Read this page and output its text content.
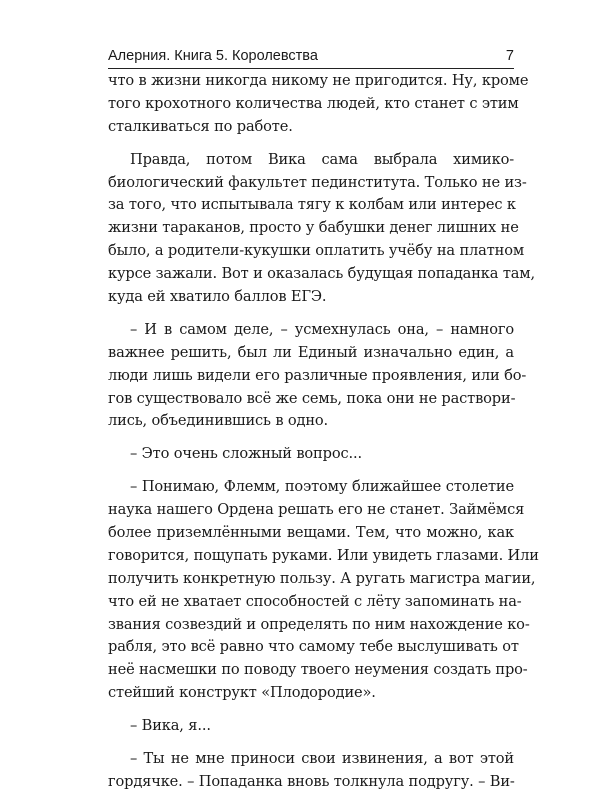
Алерния. Книга 5. Королевства	7
что в жизни никогда никому не пригодится. Ну, кроме
того крохотного количества людей, кто станет с этим
сталкиваться по работе.
Правда, потом Вика сама выбрала химико-
биологический факультет пединститута. Только не из-
за того, что испытывала тягу к колбам или интерес к
жизни тараканов, просто у бабушки денег лишних не
было, а родители-кукушки оплатить учёбу на платном
курсе зажали. Вот и оказалась будущая попаданка там,
куда ей хватило баллов ЕГЭ.
– И в самом деле, – усмехнулась она, – намного
важнее решить, был ли Единый изначально един, а
люди лишь видели его различные проявления, или бо-
гов существовало всё же семь, пока они не раствори-
лись, объединившись в одно.
– Это очень сложный вопрос...
– Понимаю, Флемм, поэтому ближайшее столетие
наука нашего Ордена решать его не станет. Займёмся
более приземлёнными вещами. Тем, что можно, как
говорится, пощупать руками. Или увидеть глазами. Или
получить конкретную пользу. А ругать магистра магии,
что ей не хватает способностей с лёту запоминать на-
звания созвездий и определять по ним нахождение ко-
рабля, это всё равно что самому тебе выслушивать от
неё насмешки по поводу твоего неумения создать про-
стейший конструкт «Плодородие».
– Вика, я...
– Ты не мне приноси свои извинения, а вот этой
гордячке. – Попаданка вновь толкнула подругу. – Ви-
